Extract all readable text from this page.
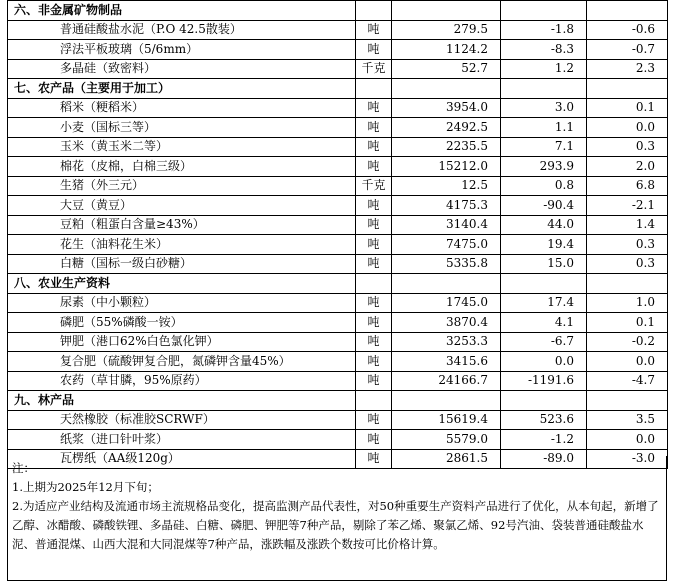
六、非金属矿物制品				
普通硅酸盐水泥（P.O 42.5散装）	吨	279.5	-1.8	-0.6
浮法平板玻璃（5/6mm）	吨	1124.2	-8.3	-0.7
多晶硅（致密料）	千克	52.7	1.2	2.3
七、农产品（主要用于加工）				
稻米（粳稻米）	吨	3954.0	3.0	0.1
小麦（国标三等）	吨	2492.5	1.1	0.0
玉米（黄玉米二等）	吨	2235.5	7.1	0.3
棉花（皮棉，白棉三级）	吨	15212.0	293.9	2.0
生猪（外三元）	千克	12.5	0.8	6.8
大豆（黄豆）	吨	4175.3	-90.4	-2.1
豆粕（粗蛋白含量≥43%）	吨	3140.4	44.0	1.4
花生（油料花生米）	吨	7475.0	19.4	0.3
白糖（国标一级白砂糖）	吨	5335.8	15.0	0.3
八、农业生产资料				
尿素（中小颗粒）	吨	1745.0	17.4	1.0
磷肥（55%磷酸一铵）	吨	3870.4	4.1	0.1
钾肥（港口62%白色氯化钾）	吨	3253.3	-6.7	-0.2
复合肥（硫酸钾复合肥，氮磷钾含量45%）	吨	3415.6	0.0	0.0
农药（草甘膦，95%原药）	吨	24166.7	-1191.6	-4.7
九、林产品				
天然橡胶（标准胶SCRWF）	吨	15619.4	523.6	3.5
纸浆（进口针叶浆）	吨	5579.0	-1.2	0.0
瓦楞纸（AA级120g）	吨	2861.5	-89.0	-3.0
注：
1.上期为2025年12月下旬；
2.为适应产业结构及流通市场主流规格品变化，提高监测产品代表性，对50种重要生产资料产品进行了优化，从本旬起，新增了乙醇、冰醋酸、磷酸铁锂、多晶硅、白糖、磷肥、钾肥等7种产品，剔除了苯乙烯、聚氯乙烯、92号汽油、袋装普通硅酸盐水泥、普通混煤、山西大混和大同混煤等7种产品，涨跌幅及涨跌个数按可比价格计算。
